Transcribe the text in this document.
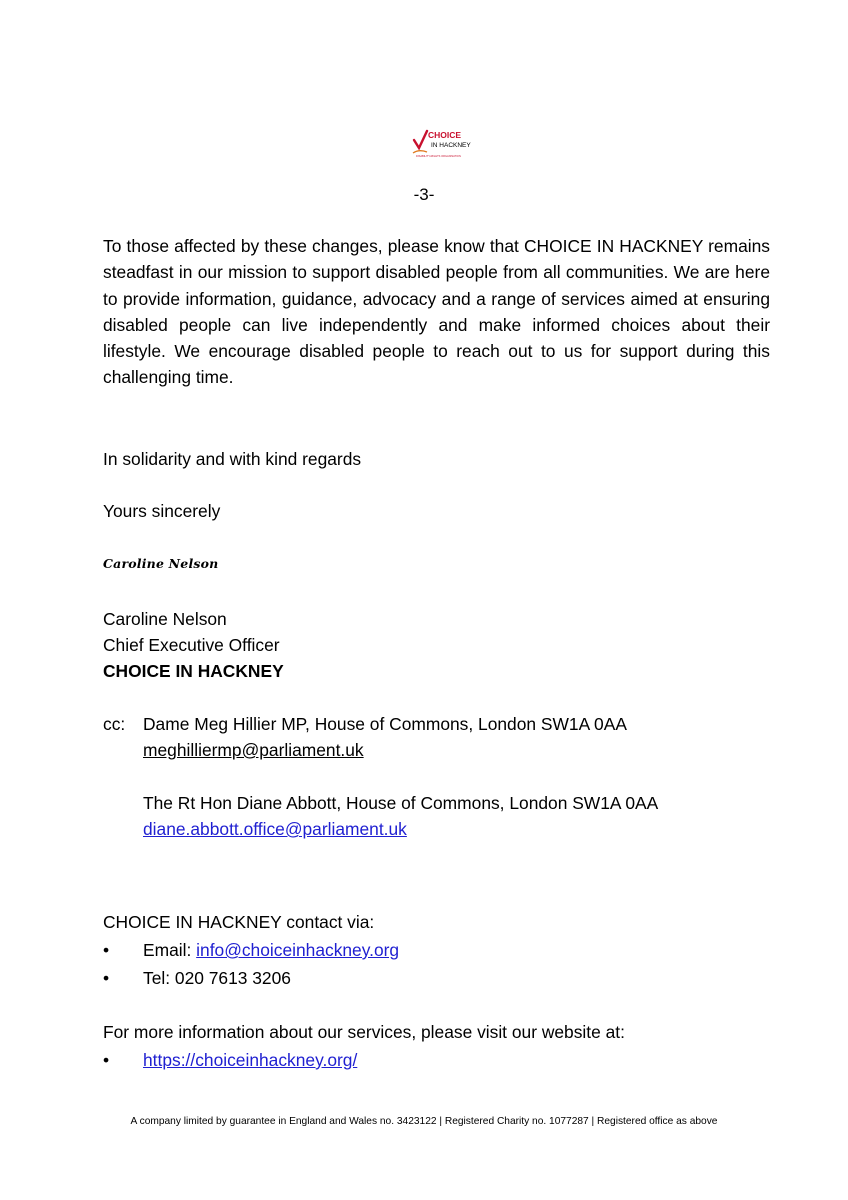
CHOICE
IN HACKNEY
DISABILITY-RIGHTS ORGANISATION
-3-

To those affected by these changes, please know that CHOICE IN HACKNEY remains steadfast in our mission to support disabled people from all communities. We are here to provide information, guidance, advocacy and a range of services aimed at ensuring disabled people can live independently and make informed choices about their lifestyle. We encourage disabled people to reach out to us for support during this challenging time.

In solidarity and with kind regards
Yours sincerely
Caroline Nelson
Caroline Nelson
Chief Executive Officer
CHOICE IN HACKNEY
cc: Dame Meg Hillier MP, House of Commons, London SW1A 0AA
meghilliermp@parliament.uk
The Rt Hon Diane Abbott, House of Commons, London SW1A 0AA
diane.abbott.office@parliament.uk
CHOICE IN HACKNEY contact via:
• Email: info@choiceinhackney.org
• Tel: 020 7613 3206
For more information about our services, please visit our website at:
• https://choiceinhackney.org/
A company limited by guarantee in England and Wales no. 3423122 | Registered Charity no. 1077287 | Registered office as above
